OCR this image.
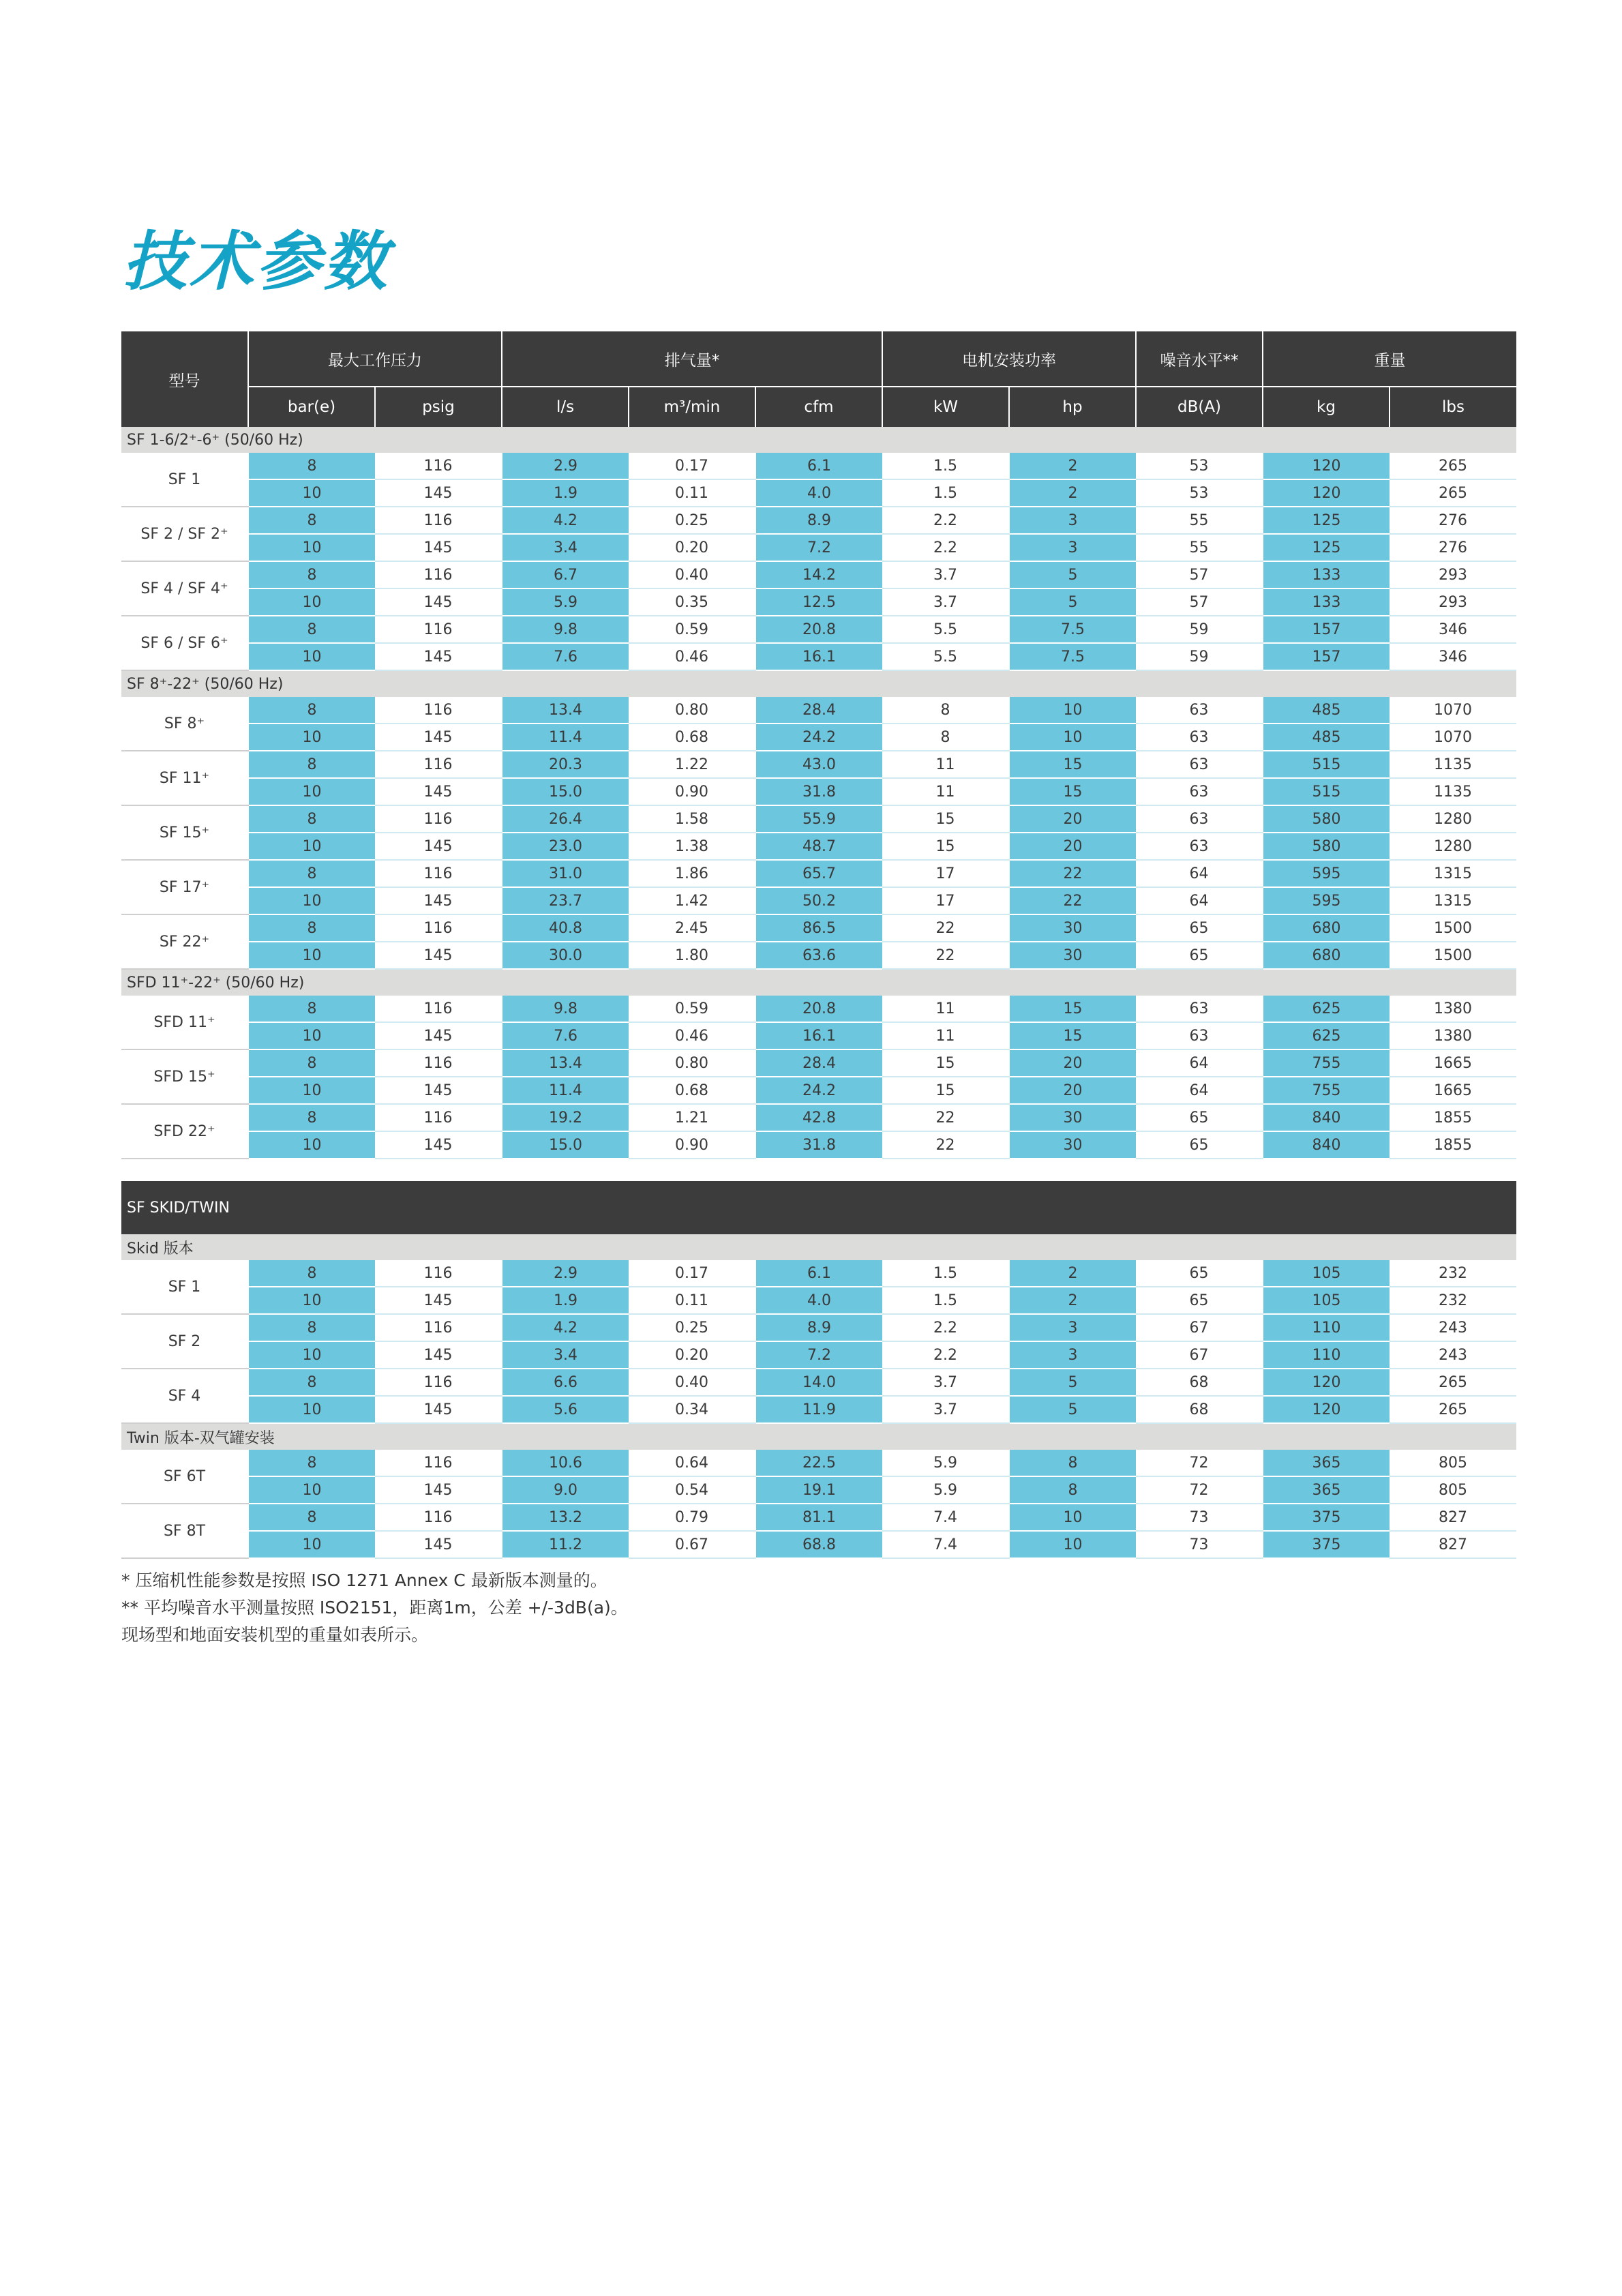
技术参数
型号	最大工作压力		排气量*			电机安装功率		噪音水平**	重量	
	bar(e)	psig	l/s	m³/min	cfm	kW	hp	dB(A)	kg	lbs
SF 1-6/2⁺-6⁺ (50/60 Hz)										
SF 1	8	116	2.9	0.17	6.1	1.5	2	53	120	265
	10	145	1.9	0.11	4.0	1.5	2	53	120	265
SF 2 / SF 2⁺	8	116	4.2	0.25	8.9	2.2	3	55	125	276
	10	145	3.4	0.20	7.2	2.2	3	55	125	276
SF 4 / SF 4⁺	8	116	6.7	0.40	14.2	3.7	5	57	133	293
	10	145	5.9	0.35	12.5	3.7	5	57	133	293
SF 6 / SF 6⁺	8	116	9.8	0.59	20.8	5.5	7.5	59	157	346
	10	145	7.6	0.46	16.1	5.5	7.5	59	157	346
SF 8⁺-22⁺ (50/60 Hz)										
SF 8⁺	8	116	13.4	0.80	28.4	8	10	63	485	1070
	10	145	11.4	0.68	24.2	8	10	63	485	1070
SF 11⁺	8	116	20.3	1.22	43.0	11	15	63	515	1135
	10	145	15.0	0.90	31.8	11	15	63	515	1135
SF 15⁺	8	116	26.4	1.58	55.9	15	20	63	580	1280
	10	145	23.0	1.38	48.7	15	20	63	580	1280
SF 17⁺	8	116	31.0	1.86	65.7	17	22	64	595	1315
	10	145	23.7	1.42	50.2	17	22	64	595	1315
SF 22⁺	8	116	40.8	2.45	86.5	22	30	65	680	1500
	10	145	30.0	1.80	63.6	22	30	65	680	1500
SFD 11⁺-22⁺ (50/60 Hz)										
SFD 11⁺	8	116	9.8	0.59	20.8	11	15	63	625	1380
	10	145	7.6	0.46	16.1	11	15	63	625	1380
SFD 15⁺	8	116	13.4	0.80	28.4	15	20	64	755	1665
	10	145	11.4	0.68	24.2	15	20	64	755	1665
SFD 22⁺	8	116	19.2	1.21	42.8	22	30	65	840	1855
	10	145	15.0	0.90	31.8	22	30	65	840	1855
SF SKID/TWIN										
Skid 版本										
SF 1	8	116	2.9	0.17	6.1	1.5	2	65	105	232
	10	145	1.9	0.11	4.0	1.5	2	65	105	232
SF 2	8	116	4.2	0.25	8.9	2.2	3	67	110	243
	10	145	3.4	0.20	7.2	2.2	3	67	110	243
SF 4	8	116	6.6	0.40	14.0	3.7	5	68	120	265
	10	145	5.6	0.34	11.9	3.7	5	68	120	265
Twin 版本-双气罐安装										
SF 6T	8	116	10.6	0.64	22.5	5.9	8	72	365	805
	10	145	9.0	0.54	19.1	5.9	8	72	365	805
SF 8T	8	116	13.2	0.79	81.1	7.4	10	73	375	827
	10	145	11.2	0.67	68.8	7.4	10	73	375	827
* 压缩机性能参数是按照 ISO 1271 Annex C 最新版本测量的。
** 平均噪音水平测量按照 ISO2151，距离1m，公差 +/-3dB(a)。
现场型和地面安装机型的重量如表所示。
